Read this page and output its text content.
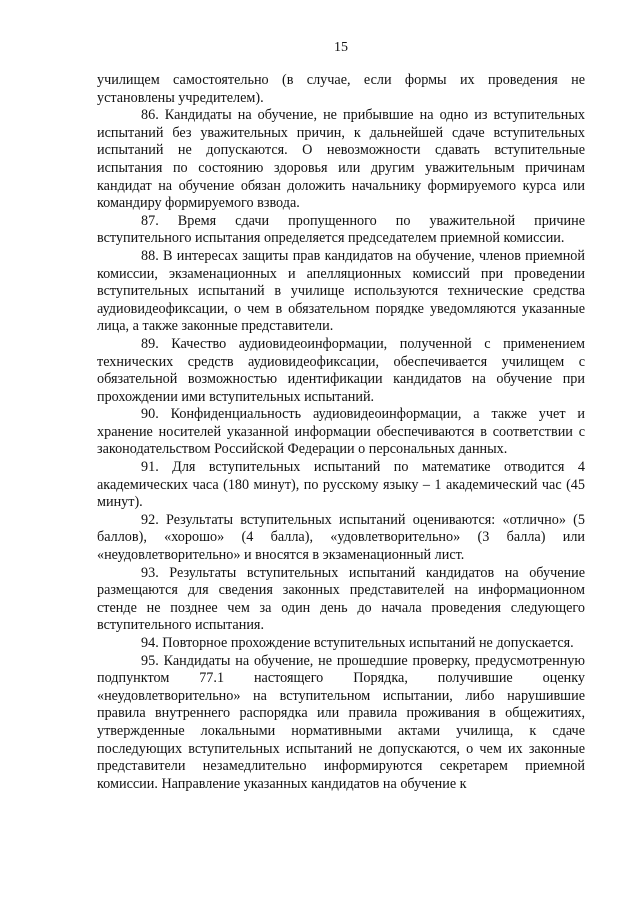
15

училищем самостоятельно (в случае, если формы их проведения не установлены учредителем).

86. Кандидаты на обучение, не прибывшие на одно из вступительных испытаний без уважительных причин, к дальнейшей сдаче вступительных испытаний не допускаются. О невозможности сдавать вступительные испытания по состоянию здоровья или другим уважительным причинам кандидат на обучение обязан доложить начальнику формируемого курса или командиру формируемого взвода.

87. Время сдачи пропущенного по уважительной причине вступительного испытания определяется председателем приемной комиссии.

88. В интересах защиты прав кандидатов на обучение, членов приемной комиссии, экзаменационных и апелляционных комиссий при проведении вступительных испытаний в училище используются технические средства аудиовидеофиксации, о чем в обязательном порядке уведомляются указанные лица, а также законные представители.

89. Качество аудиовидеоинформации, полученной с применением технических средств аудиовидеофиксации, обеспечивается училищем с обязательной возможностью идентификации кандидатов на обучение при прохождении ими вступительных испытаний.

90. Конфиденциальность аудиовидеоинформации, а также учет и хранение носителей указанной информации обеспечиваются в соответствии с законодательством Российской Федерации о персональных данных.

91. Для вступительных испытаний по математике отводится 4 академических часа (180 минут), по русскому языку – 1 академический час (45 минут).

92. Результаты вступительных испытаний оцениваются: «отлично» (5 баллов), «хорошо» (4 балла), «удовлетворительно» (3 балла) или «неудовлетворительно» и вносятся в экзаменационный лист.

93. Результаты вступительных испытаний кандидатов на обучение размещаются для сведения законных представителей на информационном стенде не позднее чем за один день до начала проведения следующего вступительного испытания.

94. Повторное прохождение вступительных испытаний не допускается.

95. Кандидаты на обучение, не прошедшие проверку, предусмотренную подпунктом 77.1 настоящего Порядка, получившие оценку «неудовлетворительно» на вступительном испытании, либо нарушившие правила внутреннего распорядка или правила проживания в общежитиях, утвержденные локальными нормативными актами училища, к сдаче последующих вступительных испытаний не допускаются, о чем их законные представители незамедлительно информируются секретарем приемной комиссии. Направление указанных кандидатов на обучение к
